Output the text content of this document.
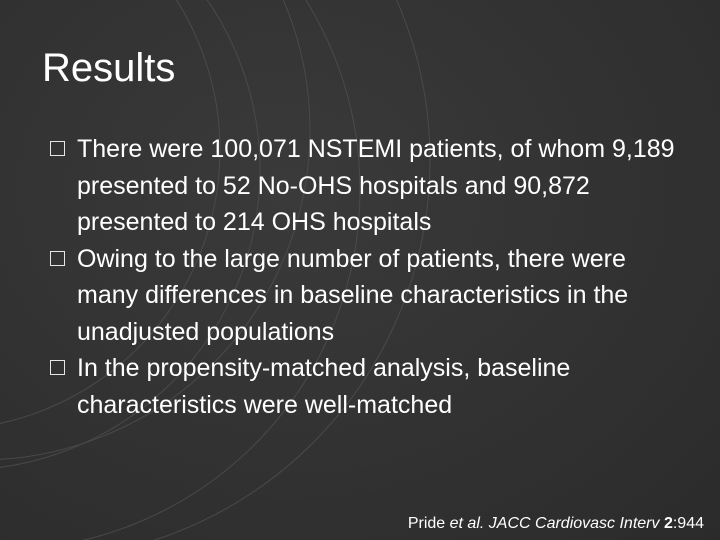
Results
There were 100,071 NSTEMI patients, of whom 9,189 presented to 52 No-OHS hospitals and 90,872 presented to 214 OHS hospitals
Owing to the large number of patients, there were many differences in baseline characteristics in the unadjusted populations
In the propensity-matched analysis, baseline characteristics were well-matched
Pride et al. JACC Cardiovasc Interv 2:944
